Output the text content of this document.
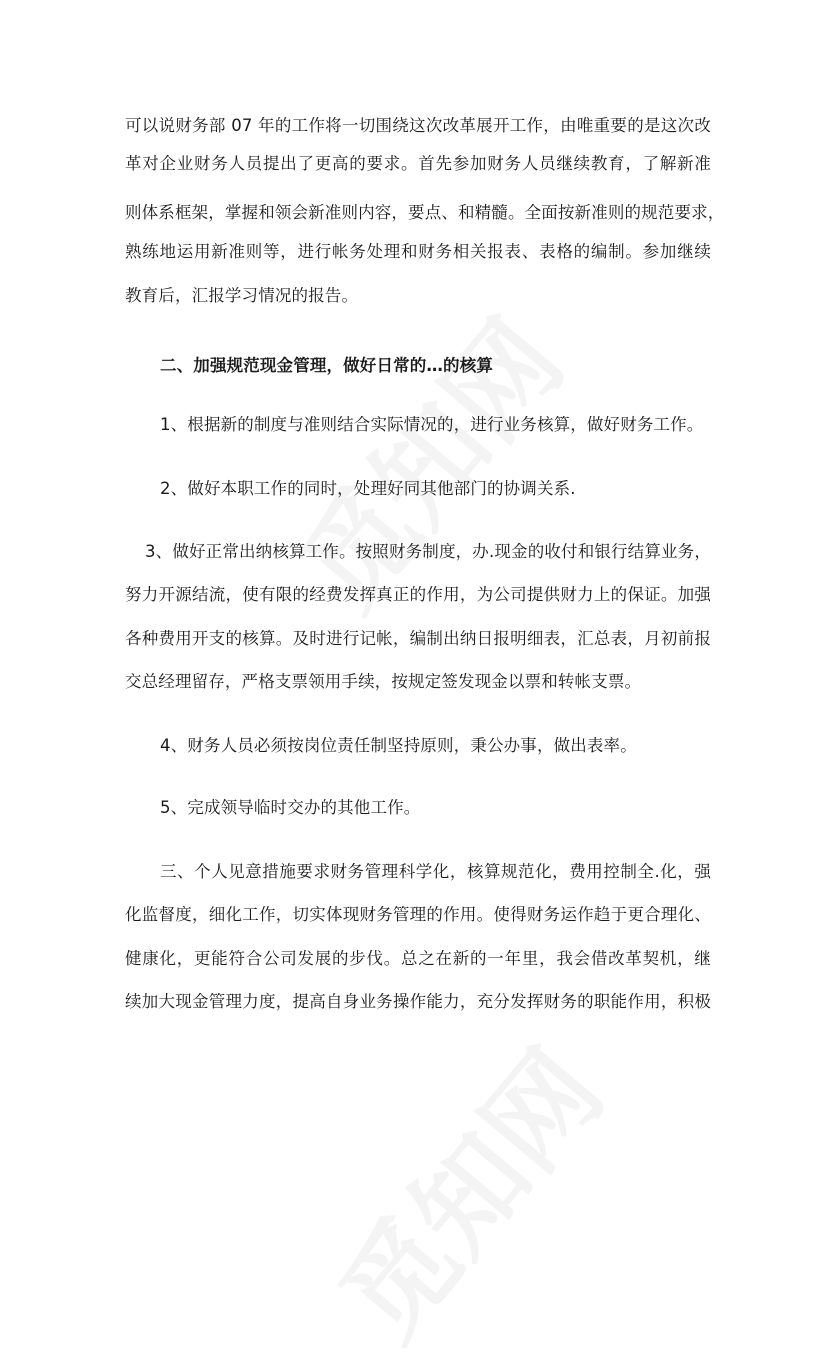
可以说财务部 07 年的工作将一切围绕这次改革展开工作，由唯重要的是这次改
革对企业财务人员提出了更高的要求。首先参加财务人员继续教育，了解新准
则体系框架，掌握和领会新准则内容，要点、和精髓。全面按新准则的规范要求，
熟练地运用新准则等，进行帐务处理和财务相关报表、表格的编制。参加继续
教育后，汇报学习情况的报告。
二、加强规范现金管理，做好日常的…的核算
1、根据新的制度与准则结合实际情况的，进行业务核算，做好财务工作。
2、做好本职工作的同时，处理好同其他部门的协调关系.
3、做好正常出纳核算工作。按照财务制度，办.现金的收付和银行结算业务，
努力开源结流，使有限的经费发挥真正的作用，为公司提供财力上的保证。加强
各种费用开支的核算。及时进行记帐，编制出纳日报明细表，汇总表，月初前报
交总经理留存，严格支票领用手续，按规定签发现金以票和转帐支票。
4、财务人员必须按岗位责任制坚持原则，秉公办事，做出表率。
5、完成领导临时交办的其他工作。
三、个人见意措施要求财务管理科学化，核算规范化，费用控制全.化，强
化监督度，细化工作，切实体现财务管理的作用。使得财务运作趋于更合理化、
健康化，更能符合公司发展的步伐。总之在新的一年里，我会借改革契机，继
续加大现金管理力度，提高自身业务操作能力，充分发挥财务的职能作用，积极
